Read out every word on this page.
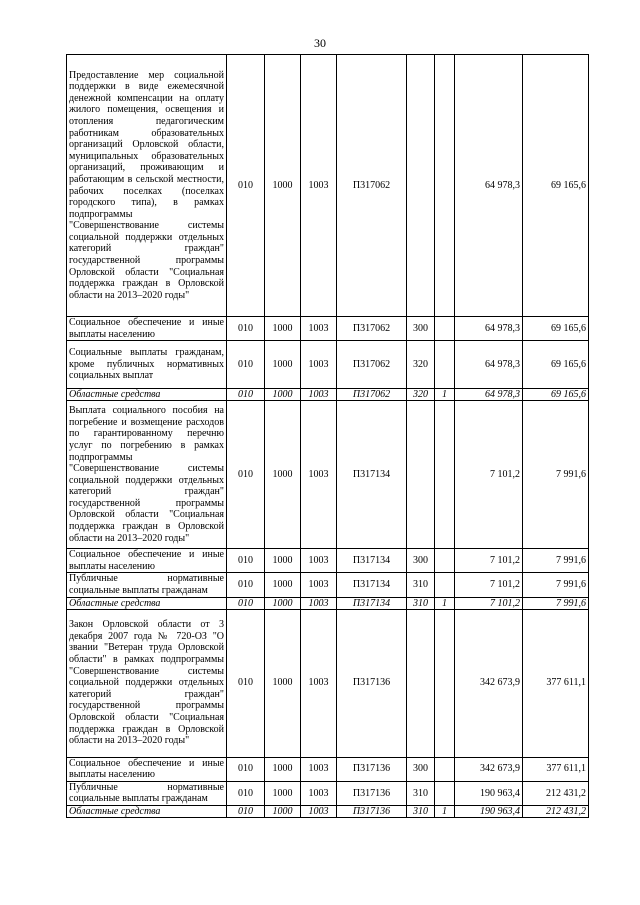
30
Предоставление мер социальной поддержки в виде ежемесячной денежной компенсации на оплату жилого помещения, освещения и отопления педагогическим работникам образовательных организаций Орловской области, муниципальных образовательных организаций, проживающим и работающим в сельской местности, рабочих поселках (поселках городского типа), в рамках подпрограммы "Совершенствование системы социальной поддержки отдельных категорий граждан" государственной программы Орловской области "Социальная поддержка граждан в Орловской области на 2013–2020 годы"	010	1000	1003	П317062			64 978,3	69 165,6
Социальное обеспечение и иные выплаты населению	010	1000	1003	П317062	300		64 978,3	69 165,6
Социальные выплаты гражданам, кроме публичных нормативных социальных выплат	010	1000	1003	П317062	320		64 978,3	69 165,6
Областные средства	010	1000	1003	П317062	320	1	64 978,3	69 165,6
Выплата социального пособия на погребение и возмещение расходов по гарантированному перечню услуг по погребению в рамках подпрограммы "Совершенствование системы социальной поддержки отдельных категорий граждан" государственной программы Орловской области "Социальная поддержка граждан в Орловской области на 2013–2020 годы"	010	1000	1003	П317134			7 101,2	7 991,6
Социальное обеспечение и иные выплаты населению	010	1000	1003	П317134	300		7 101,2	7 991,6
Публичные нормативные социальные выплаты гражданам	010	1000	1003	П317134	310		7 101,2	7 991,6
Областные средства	010	1000	1003	П317134	310	1	7 101,2	7 991,6
Закон Орловской области от 3 декабря 2007 года № 720-ОЗ "О звании "Ветеран труда Орловской области" в рамках подпрограммы "Совершенствование системы социальной поддержки отдельных категорий граждан" государственной программы Орловской области "Социальная поддержка граждан в Орловской области на 2013–2020 годы"	010	1000	1003	П317136			342 673,9	377 611,1
Социальное обеспечение и иные выплаты населению	010	1000	1003	П317136	300		342 673,9	377 611,1
Публичные нормативные социальные выплаты гражданам	010	1000	1003	П317136	310		190 963,4	212 431,2
Областные средства	010	1000	1003	П317136	310	1	190 963,4	212 431,2
